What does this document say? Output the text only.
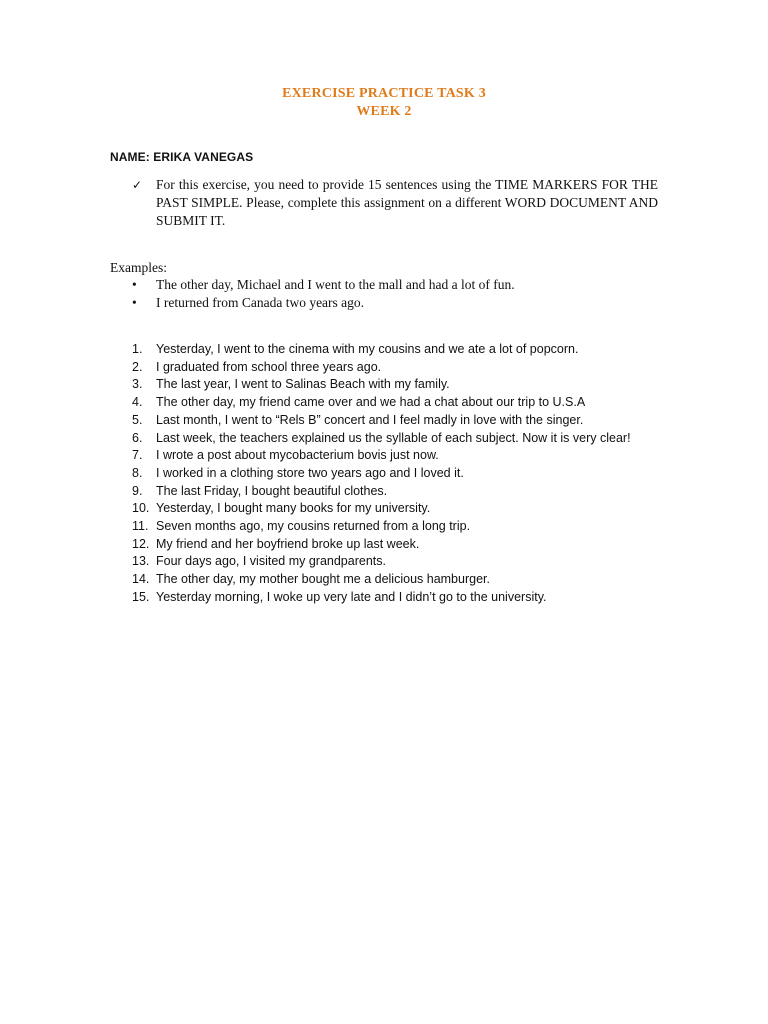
EXERCISE PRACTICE TASK 3
WEEK 2
NAME: ERIKA VANEGAS
✓ For this exercise, you need to provide 15 sentences using the TIME MARKERS FOR THE PAST SIMPLE. Please, complete this assignment on a different WORD DOCUMENT AND SUBMIT IT.
Examples:
• The other day, Michael and I went to the mall and had a lot of fun.
• I returned from Canada two years ago.
1. Yesterday, I went to the cinema with my cousins and we ate a lot of popcorn.
2. I graduated from school three years ago.
3. The last year, I went to Salinas Beach with my family.
4. The other day, my friend came over and we had a chat about our trip to U.S.A
5. Last month, I went to “Rels B” concert and I feel madly in love with the singer.
6. Last week, the teachers explained us the syllable of each subject. Now it is very clear!
7. I wrote a post about mycobacterium bovis just now.
8. I worked in a clothing store two years ago and I loved it.
9. The last Friday, I bought beautiful clothes.
10. Yesterday, I bought many books for my university.
11. Seven months ago, my cousins returned from a long trip.
12. My friend and her boyfriend broke up last week.
13. Four days ago, I visited my grandparents.
14. The other day, my mother bought me a delicious hamburger.
15. Yesterday morning, I woke up very late and I didn’t go to the university.
